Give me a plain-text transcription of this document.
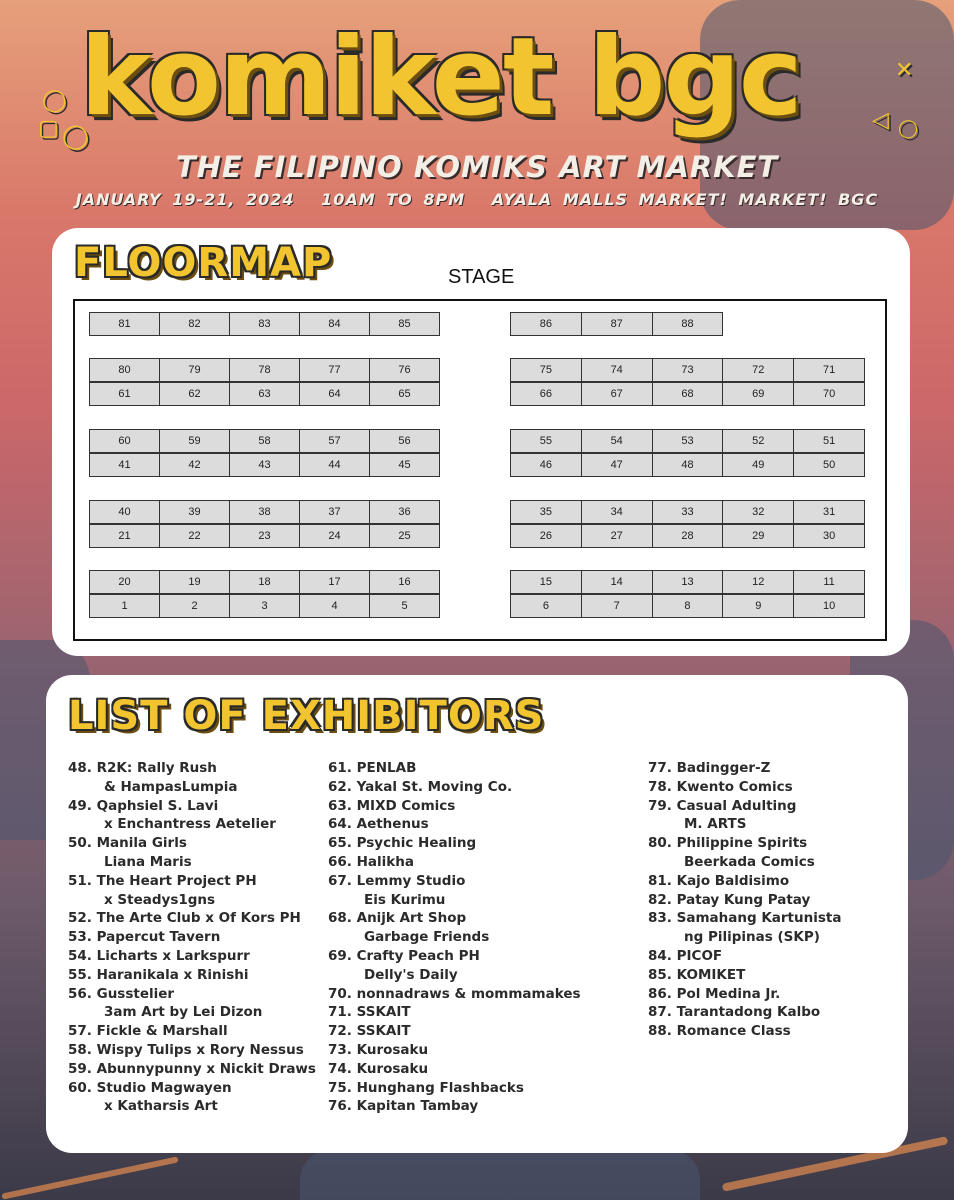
◯
▢ ◯
✕
◁ ◯
komiket bgc
THE FILIPINO KOMIKS ART MARKET
JANUARY 19-21, 2024 10AM TO 8PM AYALA MALLS MARKET! MARKET! BGC
FLOORMAP	STAGE
81	82	83	84	85
80	79	78	77	76
61	62	63	64	65
60	59	58	57	56
41	42	43	44	45
40	39	38	37	36
21	22	23	24	25
20	19	18	17	16
1	2	3	4	5
86	87	88
75	74	73	72	71
66	67	68	69	70
55	54	53	52	51
46	47	48	49	50
35	34	33	32	31
26	27	28	29	30
15	14	13	12	11
6	7	8	9	10
LIST OF EXHIBITORS
48. R2K: Rally Rush
& HampasLumpia
49. Qaphsiel S. Lavi
x Enchantress Aetelier
50. Manila Girls
Liana Maris
51. The Heart Project PH
x Steadys1gns
52. The Arte Club x Of Kors PH
53. Papercut Tavern
54. Licharts x Larkspurr
55. Haranikala x Rinishi
56. Gusstelier
3am Art by Lei Dizon
57. Fickle & Marshall
58. Wispy Tulips x Rory Nessus
59. Abunnypunny x Nickit Draws
60. Studio Magwayen
x Katharsis Art
61. PENLAB
62. Yakal St. Moving Co.
63. MIXD Comics
64. Aethenus
65. Psychic Healing
66. Halikha
67. Lemmy Studio
Eis Kurimu
68. Anijk Art Shop
Garbage Friends
69. Crafty Peach PH
Delly's Daily
70. nonnadraws & mommamakes
71. SSKAIT
72. SSKAIT
73. Kurosaku
74. Kurosaku
75. Hunghang Flashbacks
76. Kapitan Tambay
77. Badingger-Z
78. Kwento Comics
79. Casual Adulting
M. ARTS
80. Philippine Spirits
Beerkada Comics
81. Kajo Baldisimo
82. Patay Kung Patay
83. Samahang Kartunista
ng Pilipinas (SKP)
84. PICOF
85. KOMIKET
86. Pol Medina Jr.
87. Tarantadong Kalbo
88. Romance Class
